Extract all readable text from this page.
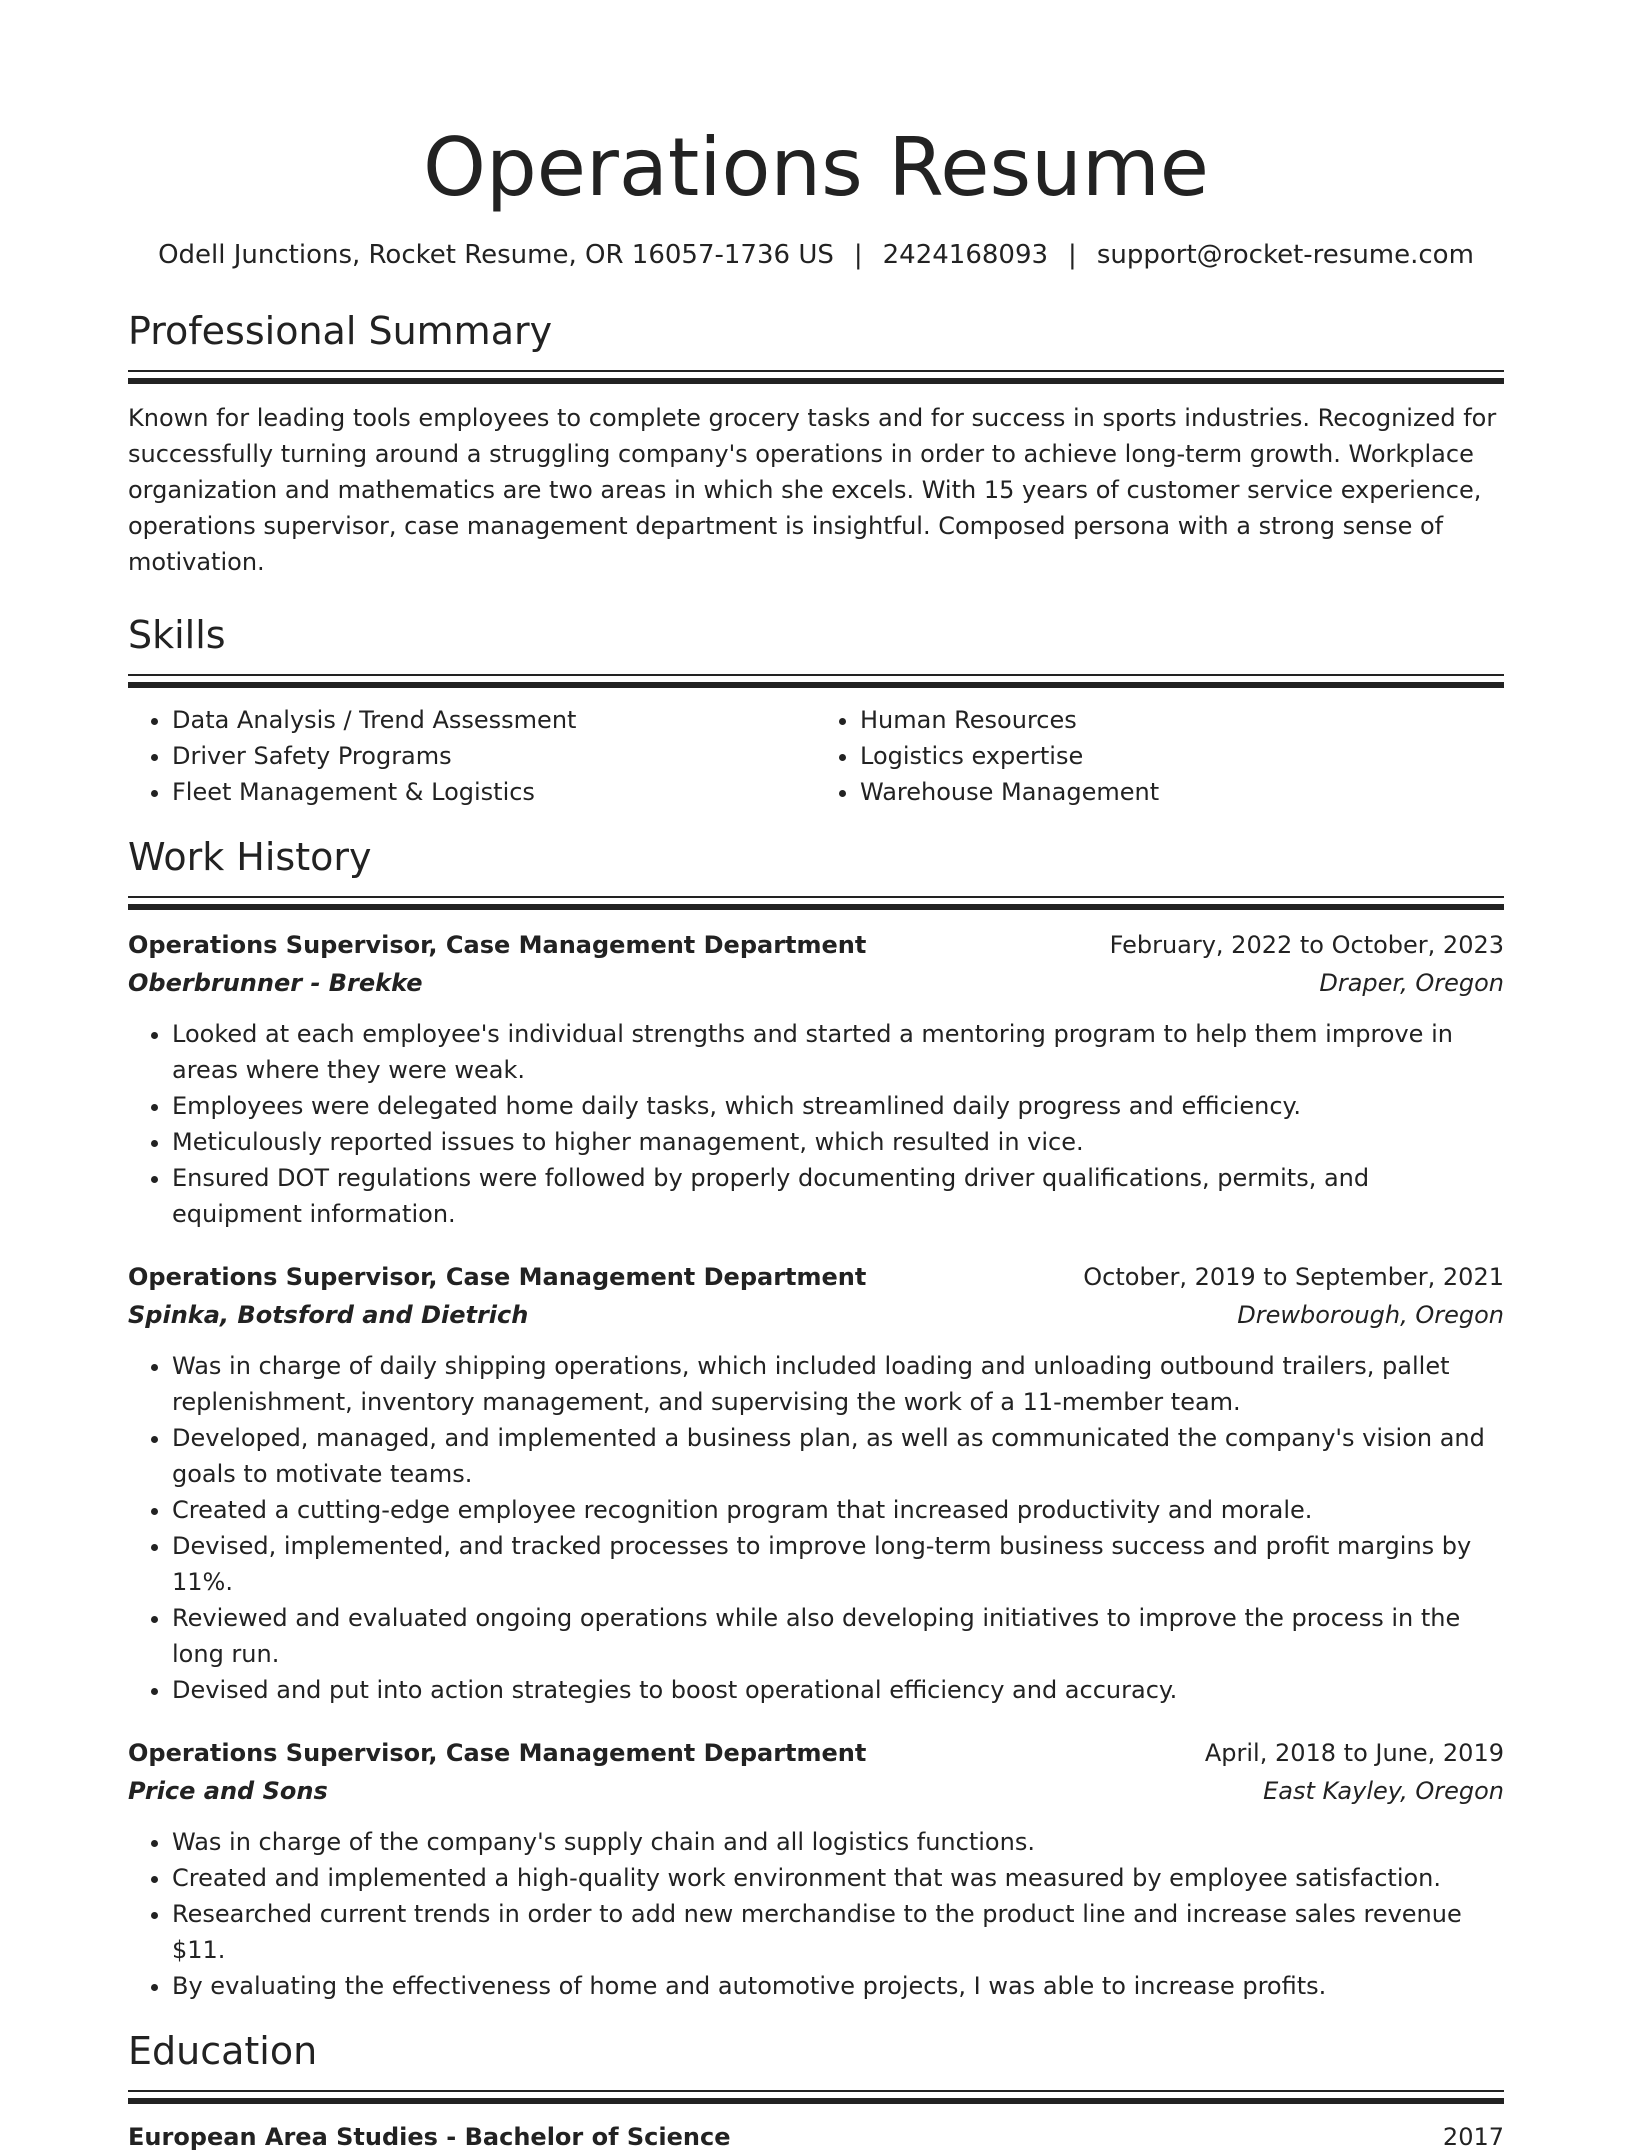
Operations Resume
Odell Junctions, Rocket Resume, OR 16057-1736 US | 2424168093 | support@rocket-resume.com
Professional Summary

Known for leading tools employees to complete grocery tasks and for success in sports industries. Recognized for successfully turning around a struggling company's operations in order to achieve long-term growth. Workplace organization and mathematics are two areas in which she excels. With 15 years of customer service experience, operations supervisor, case management department is insightful. Composed persona with a strong sense of motivation.

Skills
• Data Analysis / Trend Assessment
• Driver Safety Programs
• Fleet Management & Logistics
• Human Resources
• Logistics expertise
• Warehouse Management
Work History
Operations Supervisor, Case Management Department	February, 2022 to October, 2023
Oberbrunner - Brekke	Draper, Oregon
• Looked at each employee's individual strengths and started a mentoring program to help them improve in areas where they were weak.
• Employees were delegated home daily tasks, which streamlined daily progress and efficiency.
• Meticulously reported issues to higher management, which resulted in vice.
• Ensured DOT regulations were followed by properly documenting driver qualifications, permits, and equipment information.
Operations Supervisor, Case Management Department	October, 2019 to September, 2021
Spinka, Botsford and Dietrich	Drewborough, Oregon
• Was in charge of daily shipping operations, which included loading and unloading outbound trailers, pallet replenishment, inventory management, and supervising the work of a 11-member team.
• Developed, managed, and implemented a business plan, as well as communicated the company's vision and goals to motivate teams.
• Created a cutting-edge employee recognition program that increased productivity and morale.
• Devised, implemented, and tracked processes to improve long-term business success and profit margins by 11%.
• Reviewed and evaluated ongoing operations while also developing initiatives to improve the process in the long run.
• Devised and put into action strategies to boost operational efficiency and accuracy.
Operations Supervisor, Case Management Department	April, 2018 to June, 2019
Price and Sons	East Kayley, Oregon
• Was in charge of the company's supply chain and all logistics functions.
• Created and implemented a high-quality work environment that was measured by employee satisfaction.
• Researched current trends in order to add new merchandise to the product line and increase sales revenue $11.
• By evaluating the effectiveness of home and automotive projects, I was able to increase profits.
Education
European Area Studies - Bachelor of Science	2017
